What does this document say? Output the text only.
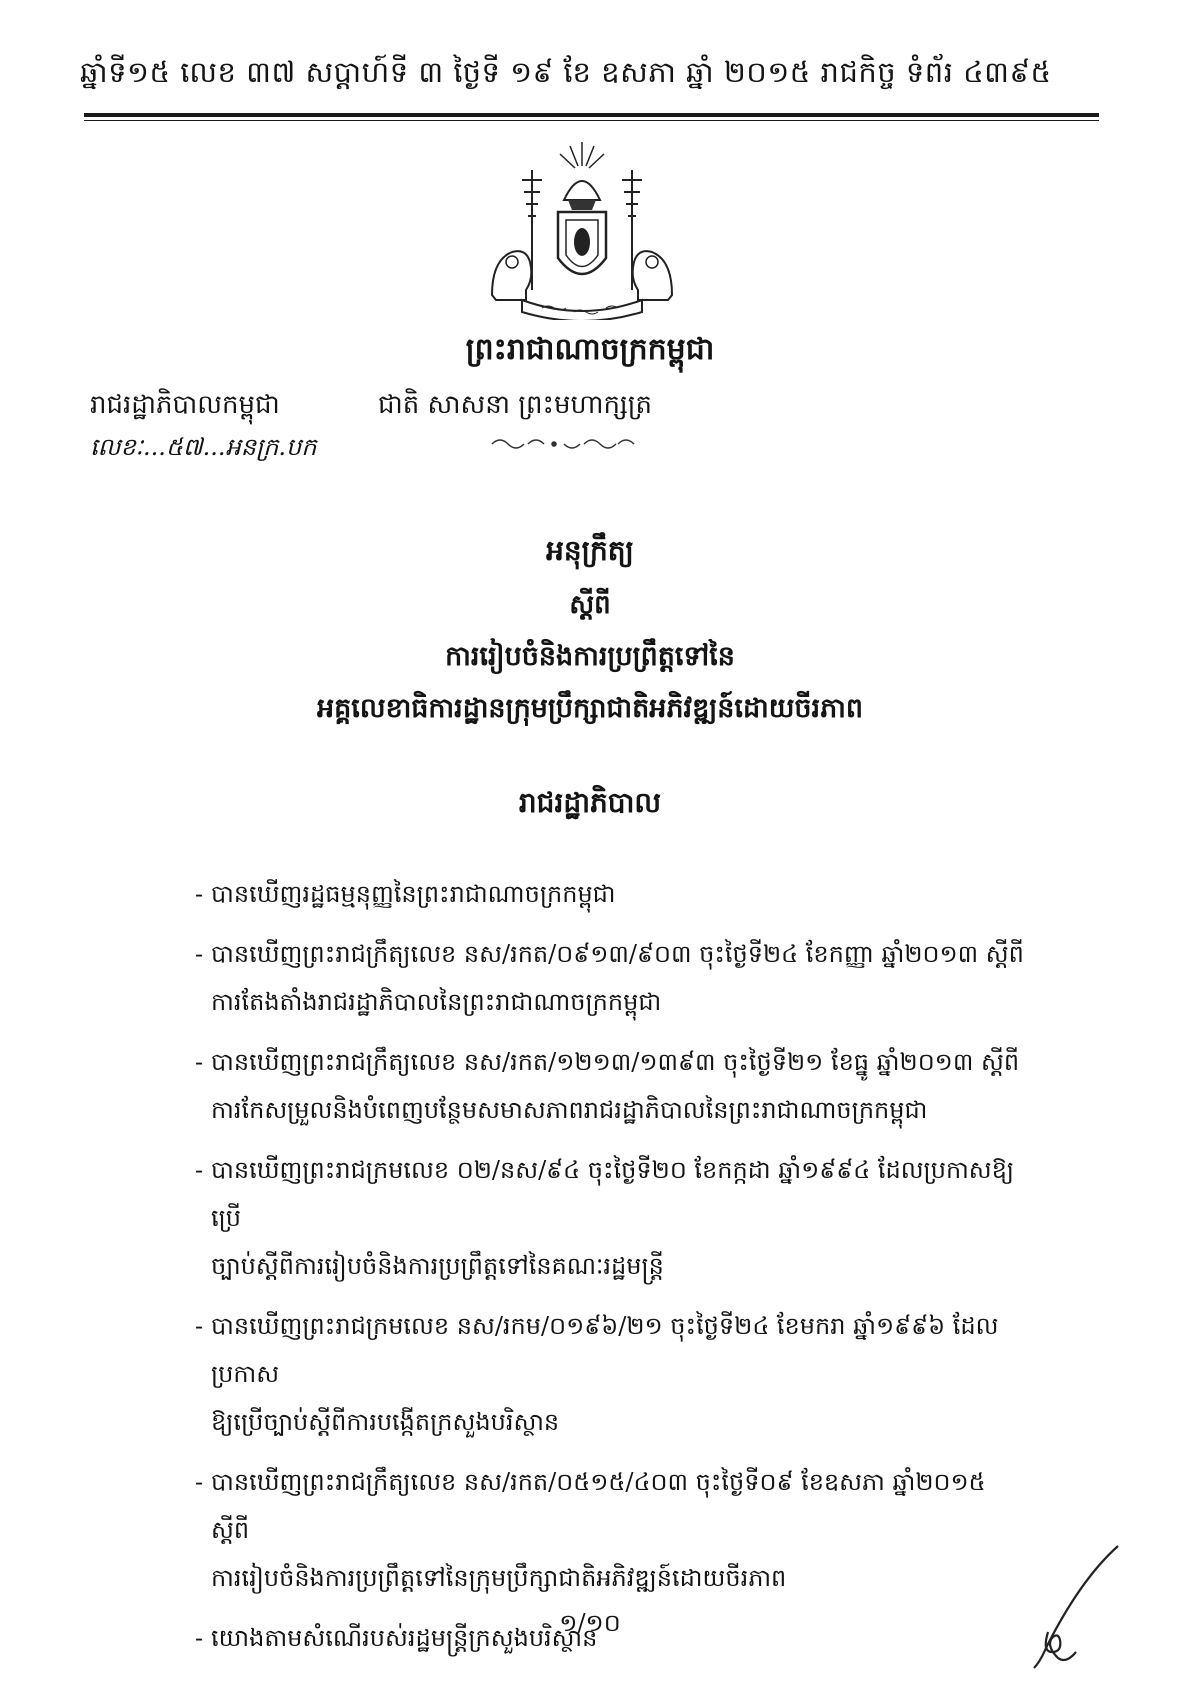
ឆ្នាំទី១៥ លេខ ៣៧ សប្ដាហ៍ទី ៣ ថ្ងៃទី ១៩ ខែ ឧសភា ឆ្នាំ ២០១៥ រាជកិច្ច ទំព័រ ៤៣៩៥
ព្រះរាជាណាចក្រកម្ពុជា
រាជរដ្ឋាភិបាលកម្ពុជា
លេខៈ...៥៧...អនក្រ.បក
ជាតិ សាសនា ព្រះមហាក្សត្រ
អនុក្រឹត្យ
ស្ដីពី
ការរៀបចំនិងការប្រព្រឹត្តទៅនៃ
អគ្គលេខាធិការដ្ឋានក្រុមប្រឹក្សាជាតិអភិវឌ្ឍន៍ដោយចីរភាព
រាជរដ្ឋាភិបាល
- បានឃើញរដ្ឋធម្មនុញ្ញនៃព្រះរាជាណាចក្រកម្ពុជា
- បានឃើញព្រះរាជក្រឹត្យលេខ នស/រកត/០៩១៣/៩០៣ ចុះថ្ងៃទី២៤ ខែកញ្ញា ឆ្នាំ២០១៣ ស្ដីពី
ការតែងតាំងរាជរដ្ឋាភិបាលនៃព្រះរាជាណាចក្រកម្ពុជា
- បានឃើញព្រះរាជក្រឹត្យលេខ នស/រកត/១២១៣/១៣៩៣ ចុះថ្ងៃទី២១ ខែធ្នូ ឆ្នាំ២០១៣ ស្ដីពី
ការកែសម្រួលនិងបំពេញបន្ថែមសមាសភាពរាជរដ្ឋាភិបាលនៃព្រះរាជាណាចក្រកម្ពុជា
- បានឃើញព្រះរាជក្រមលេខ ០២/នស/៩៤ ចុះថ្ងៃទី២០ ខែកក្កដា ឆ្នាំ១៩៩៤ ដែលប្រកាសឱ្យប្រើ
ច្បាប់ស្ដីពីការរៀបចំនិងការប្រព្រឹត្តទៅនៃគណៈរដ្ឋមន្ត្រី
- បានឃើញព្រះរាជក្រមលេខ នស/រកម/០១៩៦/២១ ចុះថ្ងៃទី២៤ ខែមករា ឆ្នាំ១៩៩៦ ដែលប្រកាស
ឱ្យប្រើច្បាប់ស្ដីពីការបង្កើតក្រសួងបរិស្ថាន
- បានឃើញព្រះរាជក្រឹត្យលេខ នស/រកត/០៥១៥/៤០៣ ចុះថ្ងៃទី០៩ ខែឧសភា ឆ្នាំ២០១៥ ស្ដីពី
ការរៀបចំនិងការប្រព្រឹត្តទៅនៃក្រុមប្រឹក្សាជាតិអភិវឌ្ឍន៍ដោយចីរភាព
- យោងតាមសំណើរបស់រដ្ឋមន្ត្រីក្រសួងបរិស្ថាន
១/១០
